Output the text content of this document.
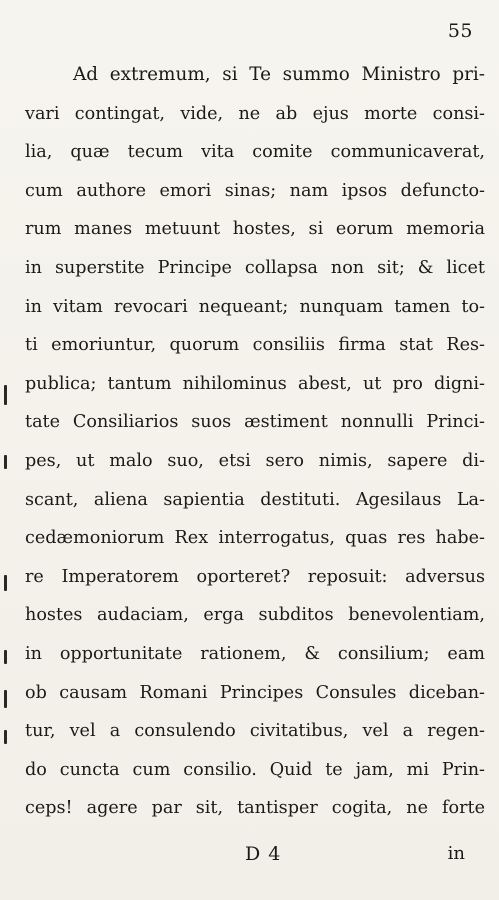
55
Ad extremum, si Te summo Ministro pri-
vari contingat, vide, ne ab ejus morte consi-
lia, quæ tecum vita comite communicaverat,
cum authore emori sinas; nam ipsos defuncto-
rum manes metuunt hostes, si eorum memoria
in superstite Principe collapsa non sit; & licet
in vitam revocari nequeant; nunquam tamen to-
ti emoriuntur, quorum consiliis firma stat Res-
publica; tantum nihilominus abest, ut pro digni-
tate Consiliarios suos æstiment nonnulli Princi-
pes, ut malo suo, etsi sero nimis, sapere di-
scant, aliena sapientia destituti. Agesilaus La-
cedæmoniorum Rex interrogatus, quas res habe-
re Imperatorem oporteret? reposuit: adversus
hostes audaciam, erga subditos benevolentiam,
in opportunitate rationem, & consilium; eam
ob causam Romani Principes Consules diceban-
tur, vel a consulendo civitatibus, vel a regen-
do cuncta cum consilio. Quid te jam, mi Prin-
ceps! agere par sit, tantisper cogita, ne forte
D 4	in
